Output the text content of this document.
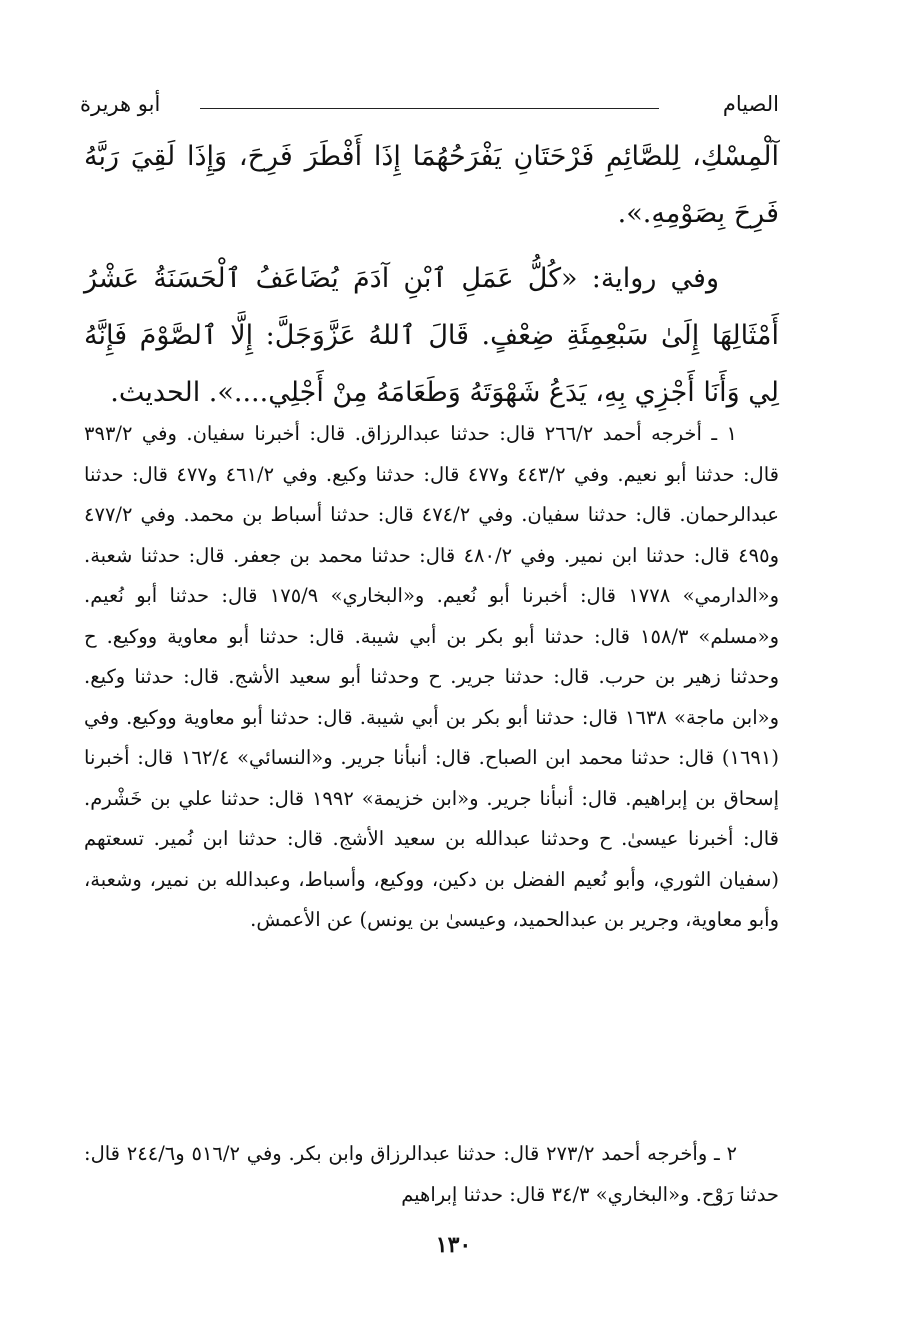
الصيام
أبو هريرة
آلْمِسْكِ، لِلصَّائِمِ فَرْحَتَانِ يَفْرَحُهُمَا إِذَا أَفْطَرَ فَرِحَ، وَإِذَا لَقِيَ رَبَّهُ فَرِحَ بِصَوْمِهِ.».
وفي رواية: «كُلُّ عَمَلِ ٱبْنِ آدَمَ يُضَاعَفُ ٱلْحَسَنَةُ عَشْرُ أَمْثَالِهَا إِلَىٰ سَبْعِمِئَةِ ضِعْفٍ. قَالَ ٱللهُ عَزَّوَجَلَّ: إِلَّا ٱلصَّوْمَ فَإِنَّهُ لِي وَأَنَا أَجْزِي بِهِ، يَدَعُ شَهْوَتَهُ وَطَعَامَهُ مِنْ أَجْلِي....». الحديث.
١ ـ أخرجه أحمد ٢٦٦/٢ قال: حدثنا عبدالرزاق. قال: أخبرنا سفيان. وفي ٣٩٣/٢ قال: حدثنا أبو نعيم. وفي ٤٤٣/٢ و٤٧٧ قال: حدثنا وكيع. وفي ٤٦١/٢ و٤٧٧ قال: حدثنا عبدالرحمان. قال: حدثنا سفيان. وفي ٤٧٤/٢ قال: حدثنا أسباط بن محمد. وفي ٤٧٧/٢ و٤٩٥ قال: حدثنا ابن نمير. وفي ٤٨٠/٢ قال: حدثنا محمد بن جعفر. قال: حدثنا شعبة. و«الدارمي» ١٧٧٨ قال: أخبرنا أبو نُعيم. و«البخاري» ١٧٥/٩ قال: حدثنا أبو نُعيم. و«مسلم» ١٥٨/٣ قال: حدثنا أبو بكر بن أبي شيبة. قال: حدثنا أبو معاوية ووكيع. ح وحدثنا زهير بن حرب. قال: حدثنا جرير. ح وحدثنا أبو سعيد الأشج. قال: حدثنا وكيع. و«ابن ماجة» ١٦٣٨ قال: حدثنا أبو بكر بن أبي شيبة. قال: حدثنا أبو معاوية ووكيع. وفي (١٦٩١) قال: حدثنا محمد ابن الصباح. قال: أنبأنا جرير. و«النسائي» ١٦٢/٤ قال: أخبرنا إسحاق بن إبراهيم. قال: أنبأنا جرير. و«ابن خزيمة» ١٩٩٢ قال: حدثنا علي بن خَشْرم. قال: أخبرنا عيسىٰ. ح وحدثنا عبدالله بن سعيد الأشج. قال: حدثنا ابن نُمير. تسعتهم (سفيان الثوري، وأبو نُعيم الفضل بن دكين، ووكيع، وأسباط، وعبدالله بن نمير، وشعبة، وأبو معاوية، وجرير بن عبدالحميد، وعيسىٰ بن يونس) عن الأعمش.
٢ ـ وأخرجه أحمد ٢٧٣/٢ قال: حدثنا عبدالرزاق وابن بكر. وفي ٥١٦/٢ و٢٤٤/٦ قال: حدثنا رَوْح. و«البخاري» ٣٤/٣ قال: حدثنا إبراهيم
١٣٠
